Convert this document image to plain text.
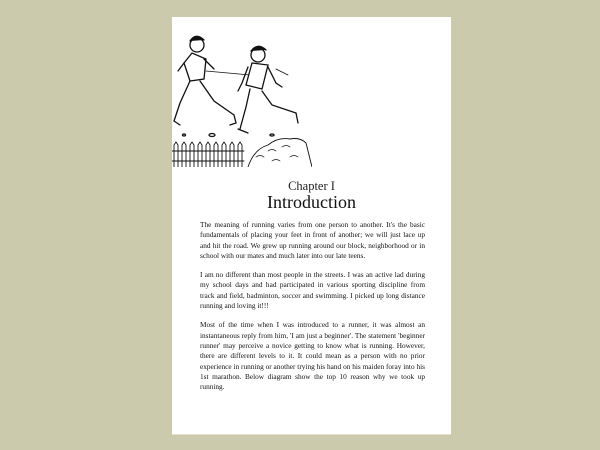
Chapter I
Introduction

The meaning of running varies from one person to another. It's the basic fundamentals of placing your feet in front of another; we will just lace up and hit the road. We grew up running around our block, neighborhood or in school with our mates and much later into our late teens.

I am no different than most people in the streets. I was an active lad during my school days and had participated in various sporting discipline from track and field, badminton, soccer and swimming. I picked up long distance running and loving it!!!

Most of the time when I was introduced to a runner, it was almost an instantaneous reply from him, 'I am just a beginner'. The statement 'beginner runner' may perceive a novice getting to know what is running. However, there are different levels to it. It could mean as a person with no prior experience in running or another trying his hand on his maiden foray into his 1st marathon. Below diagram show the top 10 reason why we took up running.
